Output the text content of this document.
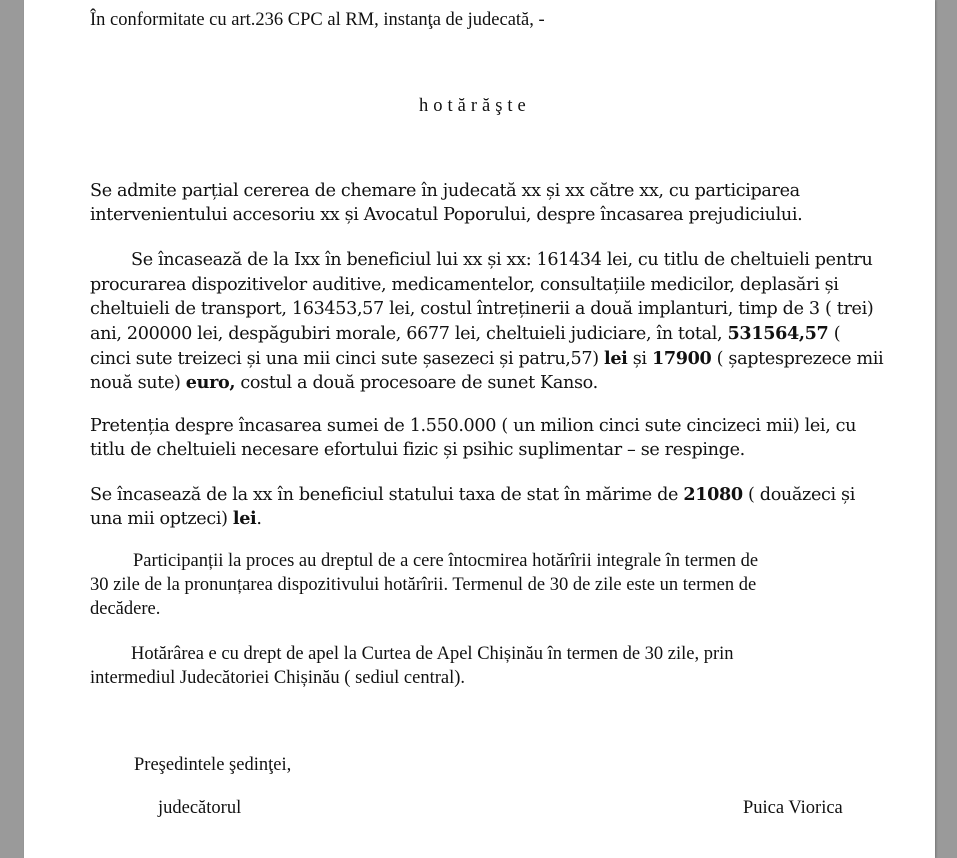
În conformitate cu art.236 CPC al RM, instanţa de judecată, -
hotărăşte
Se admite parțial cererea de chemare în judecată xx și xx către xx, cu participarea
intervenientului accesoriu xx și Avocatul Poporului, despre încasarea prejudiciului.
Se încasează de la Ixx în beneficiul lui xx și xx: 161434 lei, cu titlu de cheltuieli pentru
procurarea dispozitivelor auditive, medicamentelor, consultațiile medicilor, deplasări și
cheltuieli de transport, 163453,57 lei, costul întreținerii a două implanturi, timp de 3 ( trei)
ani, 200000 lei, despăgubiri morale, 6677 lei, cheltuieli judiciare, în total, 531564,57 (
cinci sute treizeci și una mii cinci sute șasezeci și patru,57) lei și 17900 ( șaptesprezece mii
nouă sute) euro, costul a două procesoare de sunet Kanso.
Pretenția despre încasarea sumei de 1.550.000 ( un milion cinci sute cincizeci mii) lei, cu
titlu de cheltuieli necesare efortului fizic și psihic suplimentar – se respinge.
Se încasează de la xx în beneficiul statului taxa de stat în mărime de 21080 ( douăzeci și
una mii optzeci) lei.
Participanții la proces au dreptul de a cere întocmirea hotărîrii integrale în termen de
30 zile de la pronunțarea dispozitivului hotărîrii. Termenul de 30 de zile este un termen de
decădere.
Hotărârea e cu drept de apel la Curtea de Apel Chișinău în termen de 30 zile, prin
intermediul Judecătoriei Chișinău ( sediul central).
Preşedintele şedinţei,
judecătorul	Puica Viorica
